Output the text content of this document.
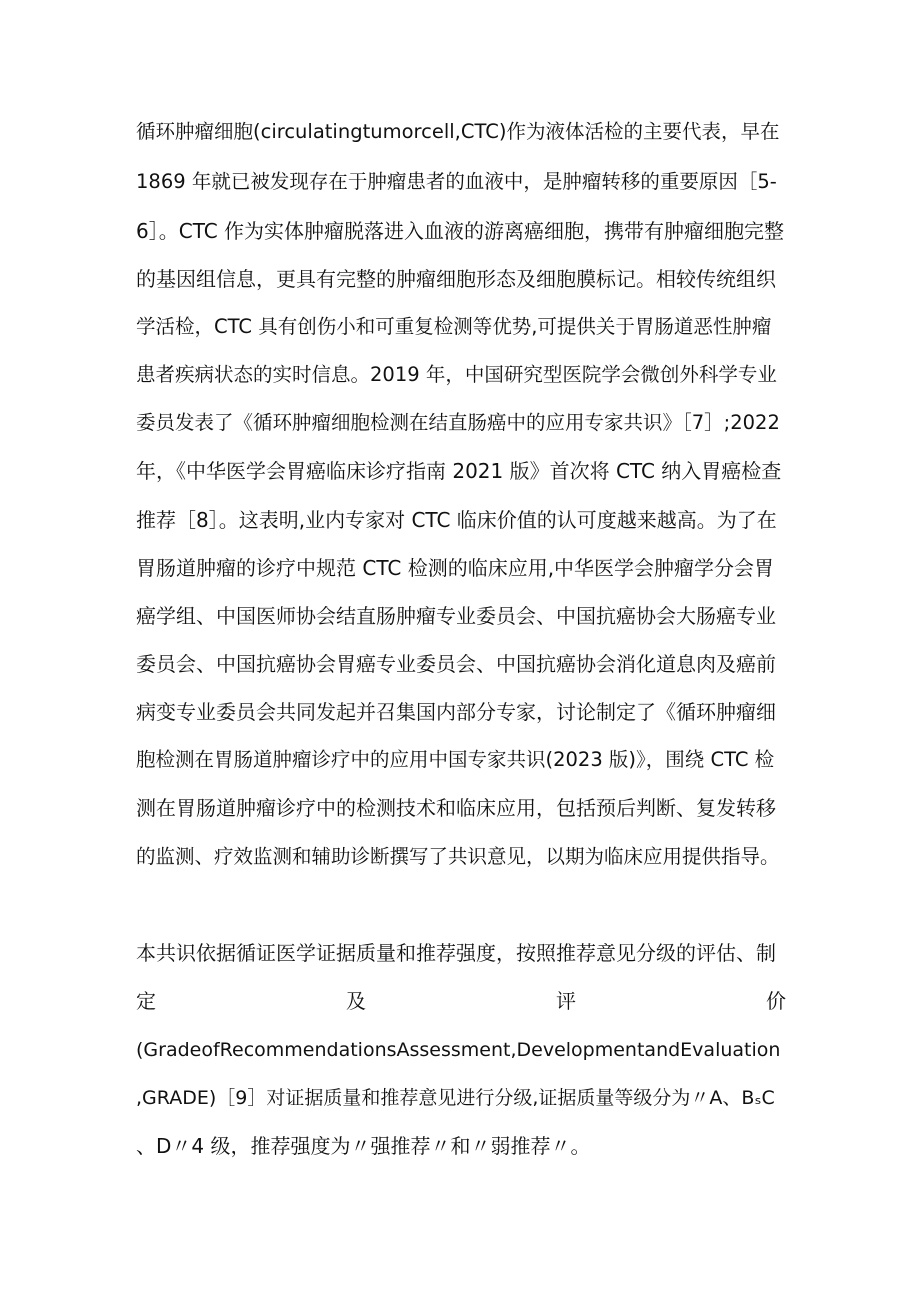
循环肿瘤细胞(circulatingtumorcell,CTC)作为液体活检的主要代表，早在
1869 年就已被发现存在于肿瘤患者的血液中，是肿瘤转移的重要原因［5-
6］。CTC 作为实体肿瘤脱落进入血液的游离癌细胞，携带有肿瘤细胞完整
的基因组信息，更具有完整的肿瘤细胞形态及细胞膜标记。相较传统组织
学活检，CTC 具有创伤小和可重复检测等优势,可提供关于胃肠道恶性肿瘤
患者疾病状态的实时信息。2019 年，中国研究型医院学会微创外科学专业
委员发表了《循环肿瘤细胞检测在结直肠癌中的应用专家共识》［7］;2022
年，《中华医学会胃癌临床诊疗指南 2021 版》首次将 CTC 纳入胃癌检查
推荐［8］。这表明,业内专家对 CTC 临床价值的认可度越来越高。为了在
胃肠道肿瘤的诊疗中规范 CTC 检测的临床应用,中华医学会肿瘤学分会胃
癌学组、中国医师协会结直肠肿瘤专业委员会、中国抗癌协会大肠癌专业
委员会、中国抗癌协会胃癌专业委员会、中国抗癌协会消化道息肉及癌前
病变专业委员会共同发起并召集国内部分专家，讨论制定了《循环肿瘤细
胞检测在胃肠道肿瘤诊疗中的应用中国专家共识(2023 版)》，围绕 CTC 检
测在胃肠道肿瘤诊疗中的检测技术和临床应用，包括预后判断、复发转移
的监测、疗效监测和辅助诊断撰写了共识意见，以期为临床应用提供指导。
本共识依据循证医学证据质量和推荐强度，按照推荐意见分级的评估、制
定	及	评	价
(GradeofRecommendationsAssessment,DevelopmentandEvaluation
,GRADE)［9］对证据质量和推荐意见进行分级,证据质量等级分为〃A、BₛC
、D〃4 级，推荐强度为〃强推荐〃和〃弱推荐〃。
